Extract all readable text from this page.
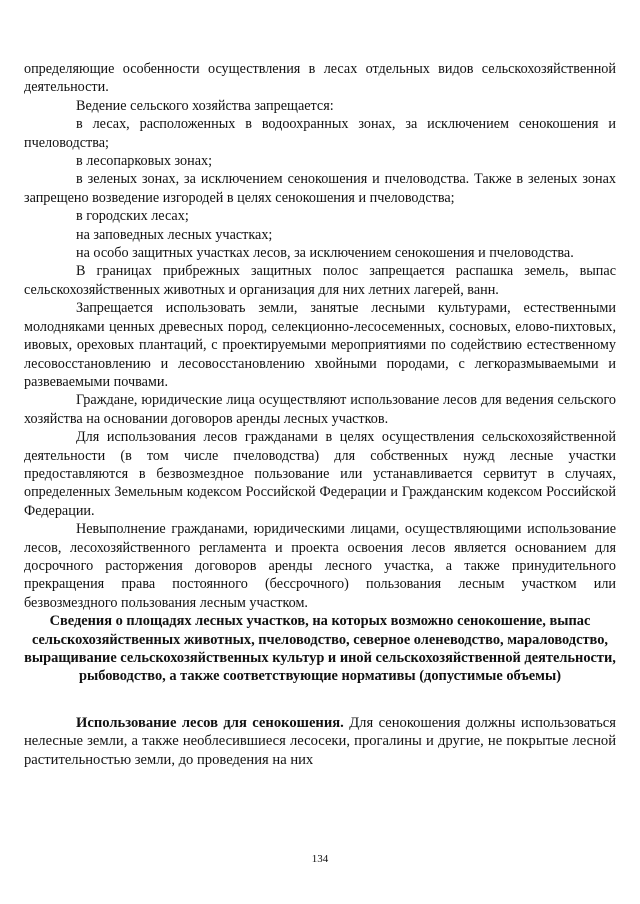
определяющие особенности осуществления в лесах отдельных видов сельскохозяйственной деятельности.

Ведение сельского хозяйства запрещается:

в лесах, расположенных в водоохранных зонах, за исключением сенокошения и пчеловодства;

в лесопарковых зонах;

в зеленых зонах, за исключением сенокошения и пчеловодства. Также в зеленых зонах запрещено возведение изгородей в целях сенокошения и пчеловодства;

в городских лесах;

на заповедных лесных участках;

на особо защитных участках лесов, за исключением сенокошения и пчеловодства.

В границах прибрежных защитных полос запрещается распашка земель, выпас сельскохозяйственных животных и организация для них летних лагерей, ванн.

Запрещается использовать земли, занятые лесными культурами, естественными молодняками ценных древесных пород, селекционно-лесосеменных, сосновых, елово-пихтовых, ивовых, ореховых плантаций, с проектируемыми мероприятиями по содействию естественному лесовосстановлению и лесовосстановлению хвойными породами, с легкоразмываемыми и развеваемыми почвами.

Граждане, юридические лица осуществляют использование лесов для ведения сельского хозяйства на основании договоров аренды лесных участков.

Для использования лесов гражданами в целях осуществления сельскохозяйственной деятельности (в том числе пчеловодства) для собственных нужд лесные участки предоставляются в безвозмездное пользование или устанавливается сервитут в случаях, определенных Земельным кодексом Российской Федерации и Гражданским кодексом Российской Федерации.

Невыполнение гражданами, юридическими лицами, осуществляющими использование лесов, лесохозяйственного регламента и проекта освоения лесов является основанием для досрочного расторжения договоров аренды лесного участка, а также принудительного прекращения права постоянного (бессрочного) пользования лесным участком или безвозмездного пользования лесным участком.

Сведения о площадях лесных участков, на которых возможно сенокошение, выпас сельскохозяйственных животных, пчеловодство, северное оленеводство, мараловодство, выращивание сельскохозяйственных культур и иной сельскохозяйственной деятельности, рыбоводство, а также соответствующие нормативы (допустимые объемы)

Использование лесов для сенокошения. Для сенокошения должны использоваться нелесные земли, а также необлесившиеся лесосеки, прогалины и другие, не покрытые лесной растительностью земли, до проведения на них

134
